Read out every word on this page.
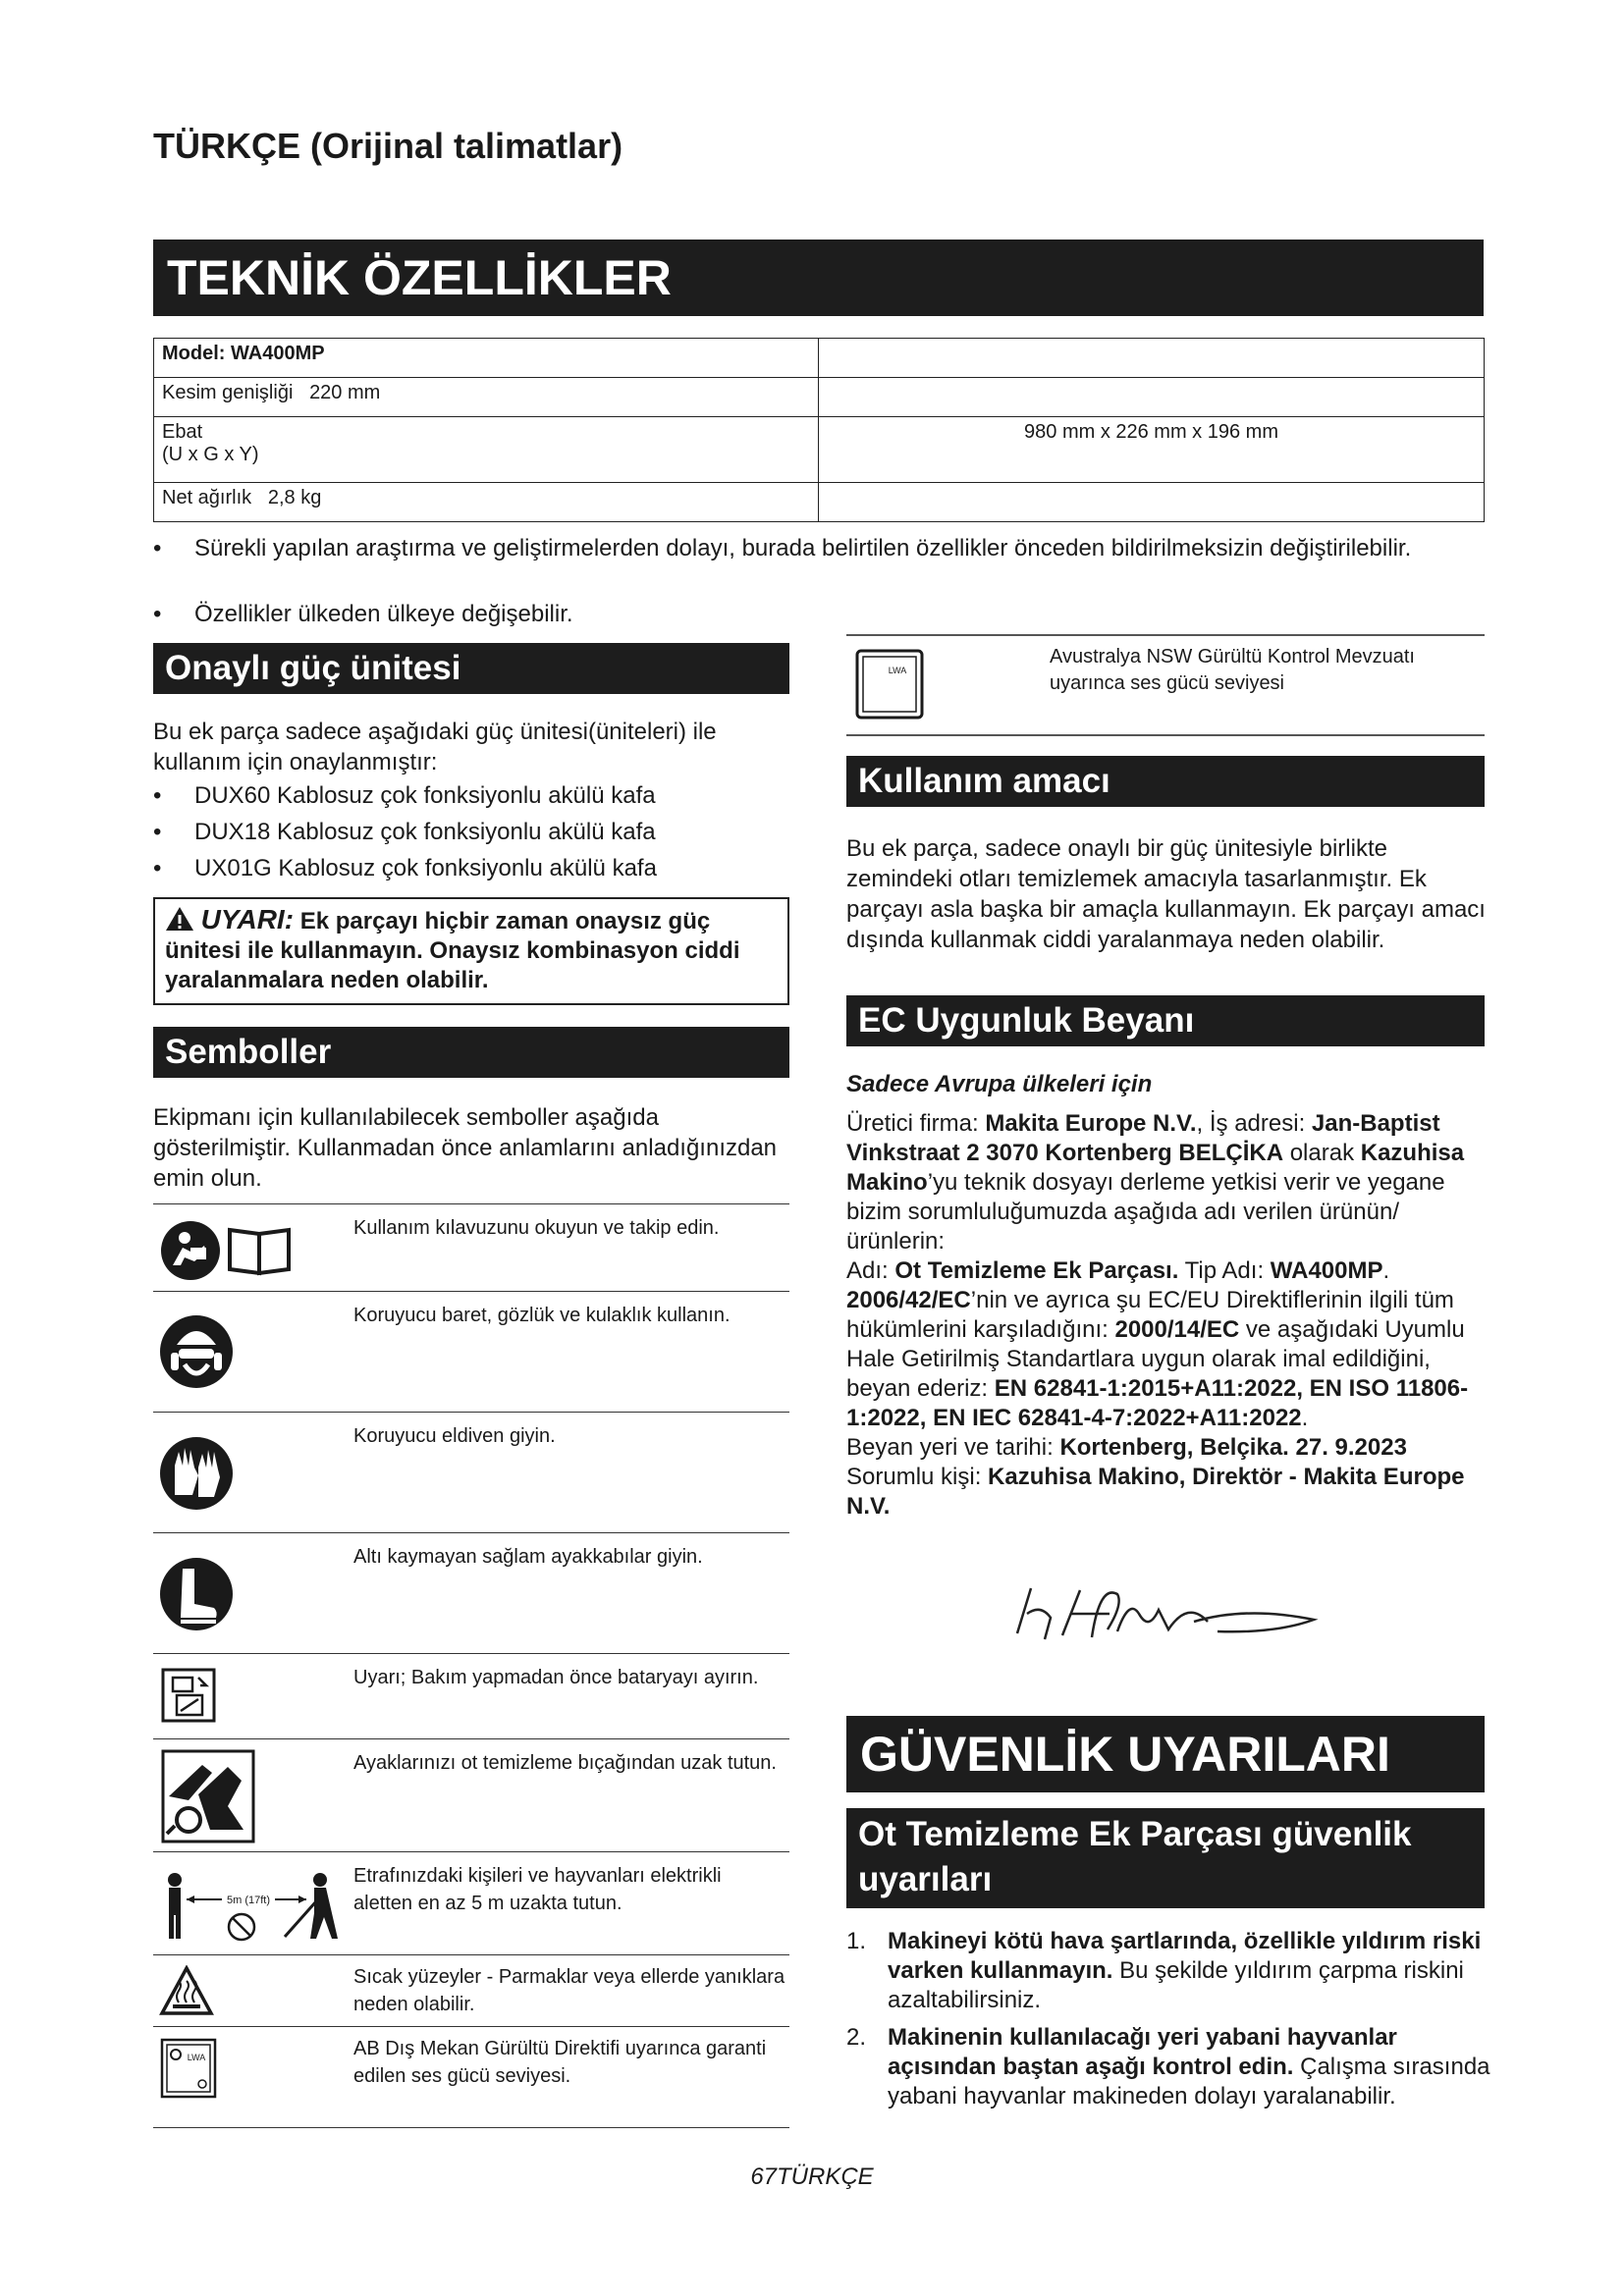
TÜRKÇE (Orijinal talimatlar)
TEKNİK ÖZELLİKLER
Model: WA400MP	
Kesim genişliği 220 mm	
Ebat
(U x G x Y)	980 mm x 226 mm x 196 mm
Net ağırlık 2,8 kg	
•	Sürekli yapılan araştırma ve geliştirmelerden dolayı, burada belirtilen özellikler önceden bildirilmeksizin değiştirilebilir.
•	Özellikler ülkeden ülkeye değişebilir.
Onaylı güç ünitesi
Bu ek parça sadece aşağıdaki güç ünitesi(üniteleri) ile kullanım için onaylanmıştır:
• DUX60 Kablosuz çok fonksiyonlu akülü kafa
• DUX18 Kablosuz çok fonksiyonlu akülü kafa
• UX01G Kablosuz çok fonksiyonlu akülü kafa
UYARI: Ek parçayı hiçbir zaman onaysız güç ünitesi ile kullanmayın. Onaysız kombinasyon ciddi yaralanmalara neden olabilir.
Semboller
Ekipmanı için kullanılabilecek semboller aşağıda gösterilmiştir. Kullanmadan önce anlamlarını anladığınızdan emin olun.
Kullanım kılavuzunu okuyun ve takip edin.
Koruyucu baret, gözlük ve kulaklık kullanın.
Koruyucu eldiven giyin.
Altı kaymayan sağlam ayakkabılar giyin.
Uyarı; Bakım yapmadan önce bataryayı ayırın.
Ayaklarınızı ot temizleme bıçağından uzak tutun.
5m (17ft)
Etrafınızdaki kişileri ve hayvanları elektrikli aletten en az 5 m uzakta tutun.
Sıcak yüzeyler - Parmaklar veya ellerde yanıklara neden olabilir.
LWA	AB Dış Mekan Gürültü Direktifi uyarınca garanti edilen ses gücü seviyesi.
LWA
Avustralya NSW Gürültü Kontrol Mevzuatı uyarınca ses gücü seviyesi
Kullanım amacı
Bu ek parça, sadece onaylı bir güç ünitesiyle birlikte zemindeki otları temizlemek amacıyla tasarlanmıştır. Ek parçayı asla başka bir amaçla kullanmayın. Ek parçayı amacı dışında kullanmak ciddi yaralanmaya neden olabilir.
EC Uygunluk Beyanı
Sadece Avrupa ülkeleri için
Üretici firma: Makita Europe N.V., İş adresi: Jan-Baptist Vinkstraat 2 3070 Kortenberg BELÇİKA olarak Kazuhisa Makino’yu teknik dosyayı derleme yetkisi verir ve yegane bizim sorumluluğumuzda aşağıda adı verilen ürünün/ürünlerin:
Adı: Ot Temizleme Ek Parçası. Tip Adı: WA400MP.
2006/42/EC’nin ve ayrıca şu EC/EU Direktiflerinin ilgili tüm hükümlerini karşıladığını: 2000/14/EC ve aşağıdaki Uyumlu Hale Getirilmiş Standartlara uygun olarak imal edildiğini, beyan ederiz: EN 62841-1:2015+A11:2022, EN ISO 11806-1:2022, EN IEC 62841-4-7:2022+A11:2022.
Beyan yeri ve tarihi: Kortenberg, Belçika. 27. 9.2023
Sorumlu kişi: Kazuhisa Makino, Direktör - Makita Europe N.V.
GÜVENLİK UYARILARI
Ot Temizleme Ek Parçası güvenlik uyarıları
1. Makineyi kötü hava şartlarında, özellikle yıldırım riski varken kullanmayın. Bu şekilde yıldırım çarpma riskini azaltabilirsiniz.
2. Makinenin kullanılacağı yeri yabani hayvanlar açısından baştan aşağı kontrol edin. Çalışma sırasında yabani hayvanlar makineden dolayı yaralanabilir.
67TÜRKÇE
